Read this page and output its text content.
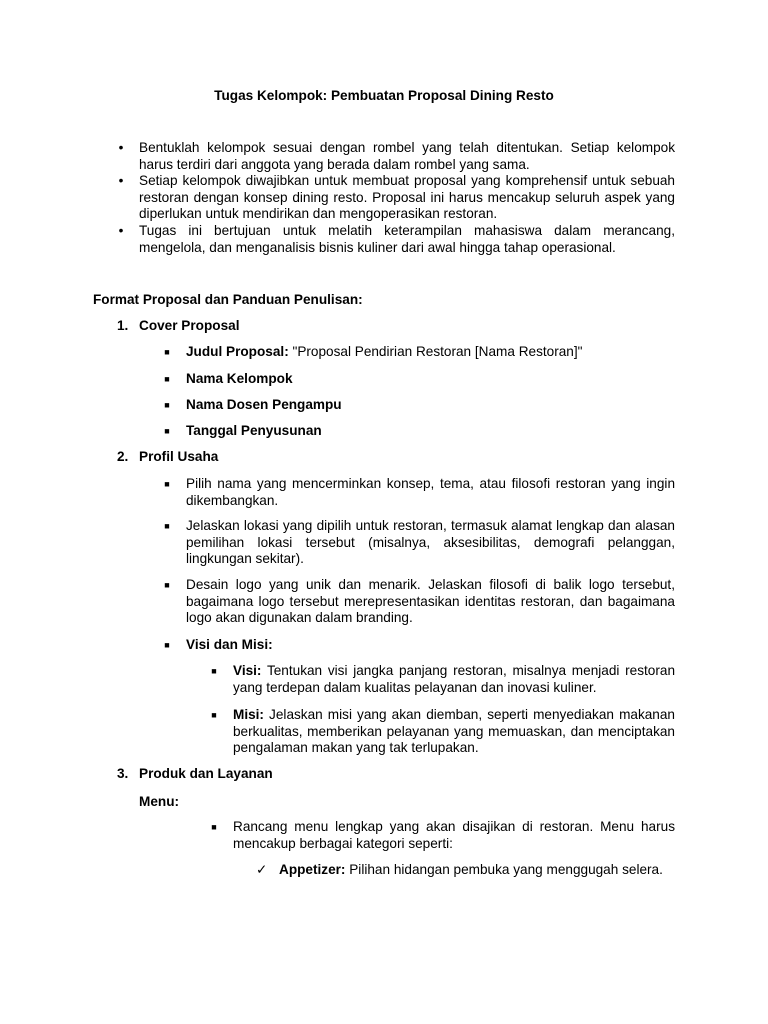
Tugas Kelompok: Pembuatan Proposal Dining Resto
• Bentuklah kelompok sesuai dengan rombel yang telah ditentukan. Setiap kelompok harus terdiri dari anggota yang berada dalam rombel yang sama.
• Setiap kelompok diwajibkan untuk membuat proposal yang komprehensif untuk sebuah restoran dengan konsep dining resto. Proposal ini harus mencakup seluruh aspek yang diperlukan untuk mendirikan dan mengoperasikan restoran.
• Tugas ini bertujuan untuk melatih keterampilan mahasiswa dalam merancang, mengelola, dan menganalisis bisnis kuliner dari awal hingga tahap operasional.
Format Proposal dan Panduan Penulisan:
1. Cover Proposal
■ Judul Proposal: "Proposal Pendirian Restoran [Nama Restoran]"
■ Nama Kelompok
■ Nama Dosen Pengampu
■ Tanggal Penyusunan
2. Profil Usaha
■ Pilih nama yang mencerminkan konsep, tema, atau filosofi restoran yang ingin dikembangkan.
■ Jelaskan lokasi yang dipilih untuk restoran, termasuk alamat lengkap dan alasan pemilihan lokasi tersebut (misalnya, aksesibilitas, demografi pelanggan, lingkungan sekitar).
■ Desain logo yang unik dan menarik. Jelaskan filosofi di balik logo tersebut, bagaimana logo tersebut merepresentasikan identitas restoran, dan bagaimana logo akan digunakan dalam branding.
■ Visi dan Misi:
■ Visi: Tentukan visi jangka panjang restoran, misalnya menjadi restoran yang terdepan dalam kualitas pelayanan dan inovasi kuliner.
■ Misi: Jelaskan misi yang akan diemban, seperti menyediakan makanan berkualitas, memberikan pelayanan yang memuaskan, dan menciptakan pengalaman makan yang tak terlupakan.
3. Produk dan Layanan
Menu:
■ Rancang menu lengkap yang akan disajikan di restoran. Menu harus mencakup berbagai kategori seperti:
✓ Appetizer: Pilihan hidangan pembuka yang menggugah selera.
